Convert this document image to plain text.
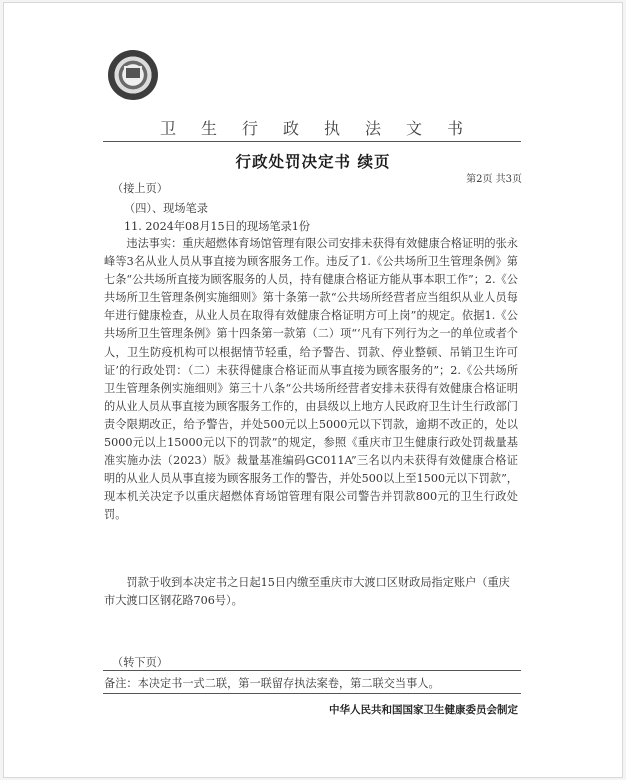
卫生行政执法文书
行政处罚决定书 续页
第2页 共3页
（接上页）
（四）、现场笔录
11. 2024年08月15日的现场笔录1份
违法事实：重庆超燃体育场馆管理有限公司安排未获得有效健康合格证明的张永峰等3名从业人员从事直接为顾客服务工作。违反了1.《公共场所卫生管理条例》第七条“公共场所直接为顾客服务的人员，持有健康合格证方能从事本职工作”；2.《公共场所卫生管理条例实施细则》第十条第一款“公共场所经营者应当组织从业人员每年进行健康检查，从业人员在取得有效健康合格证明方可上岗”的规定。依据1.《公共场所卫生管理条例》第十四条第一款第（二）项“‘凡有下列行为之一的单位或者个人，卫生防疫机构可以根据情节轻重，给予警告、罚款、停业整顿、吊销卫生许可证’的行政处罚：（二）未获得健康合格证而从事直接为顾客服务的”；2.《公共场所卫生管理条例实施细则》第三十八条“公共场所经营者安排未获得有效健康合格证明的从业人员从事直接为顾客服务工作的，由县级以上地方人民政府卫生计生行政部门责令限期改正，给予警告，并处500元以上5000元以下罚款，逾期不改正的，处以5000元以上15000元以下的罚款”的规定，参照《重庆市卫生健康行政处罚裁量基准实施办法（2023）版》裁量基准编码GC011A”三名以内未获得有效健康合格证明的从业人员从事直接为顾客服务工作的警告，并处500以上至1500元以下罚款”，现本机关决定予以重庆超燃体育场馆管理有限公司警告并罚款800元的卫生行政处罚。
罚款于收到本决定书之日起15日内缴至重庆市大渡口区财政局指定账户（重庆市大渡口区钢花路706号）。
（转下页）
备注：本决定书一式二联，第一联留存执法案卷，第二联交当事人。
中华人民共和国国家卫生健康委员会制定
